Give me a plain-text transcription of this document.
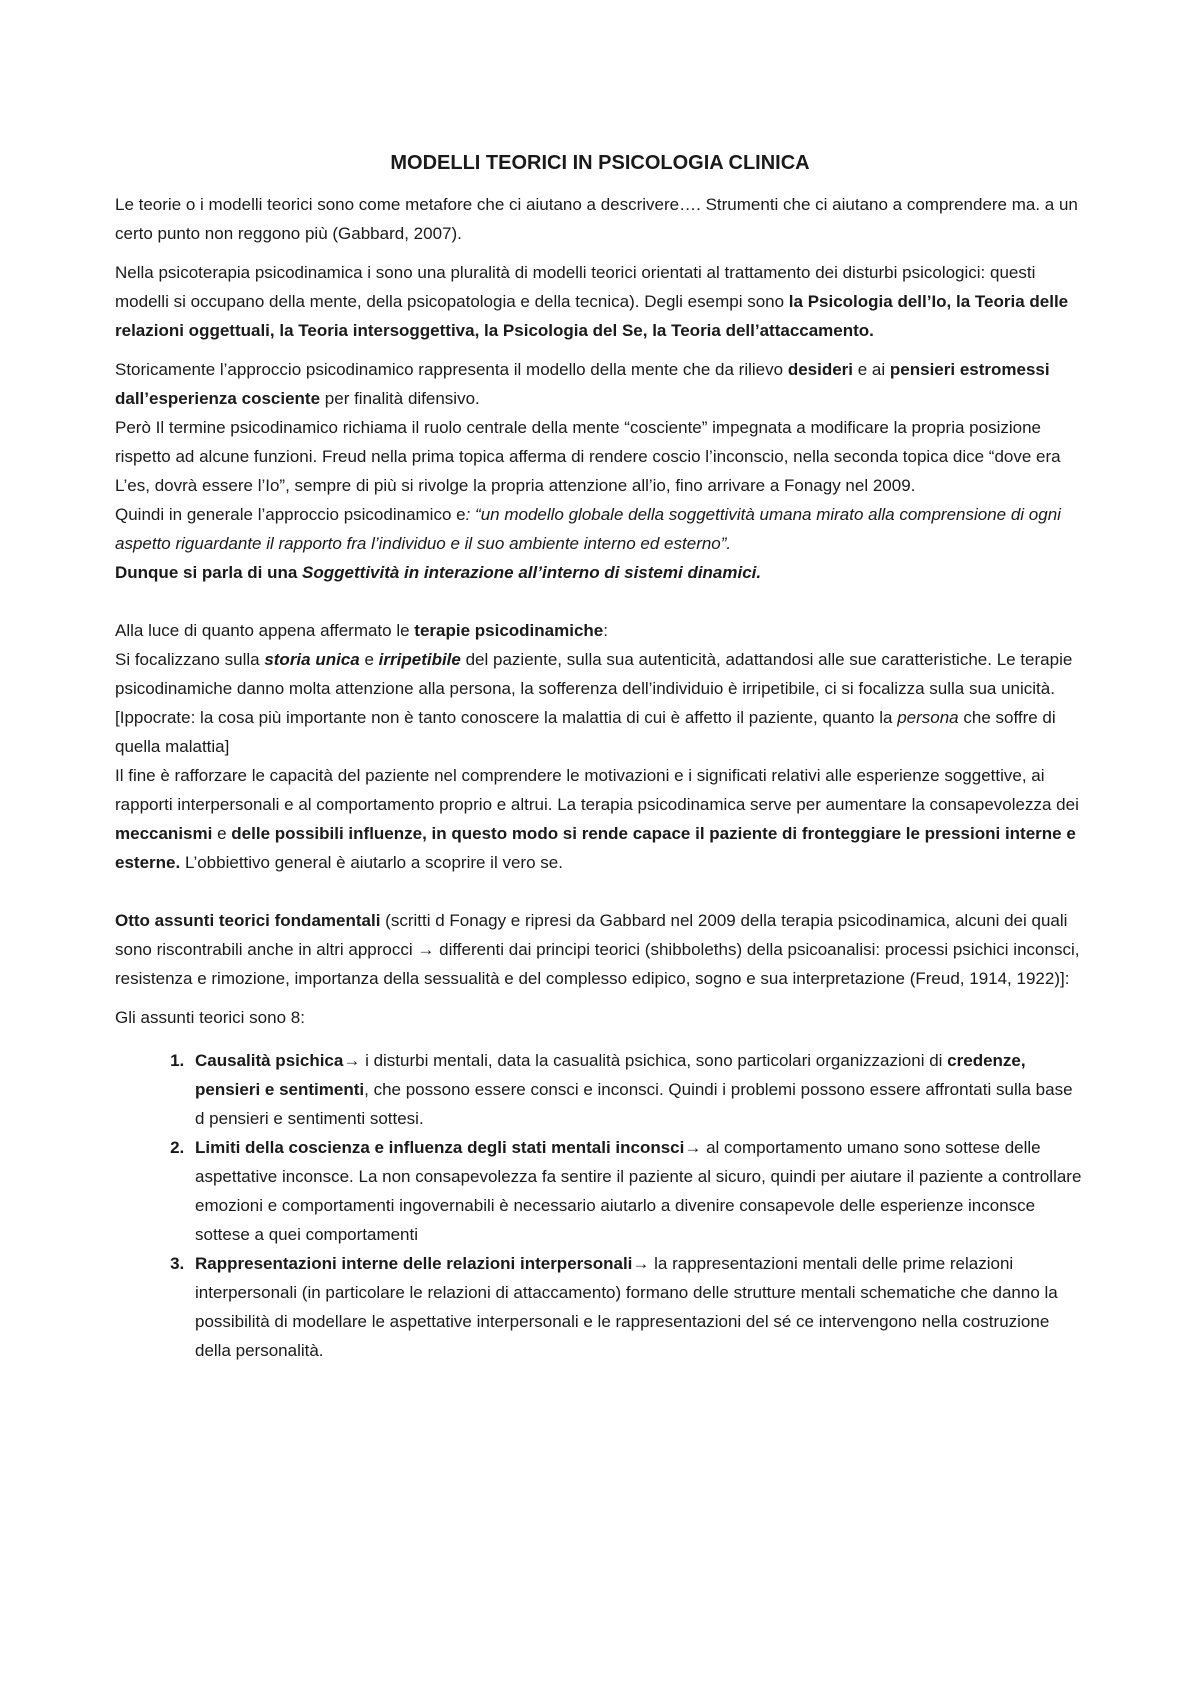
MODELLI TEORICI IN PSICOLOGIA CLINICA

Le teorie o i modelli teorici sono come metafore che ci aiutano a descrivere…. Strumenti che ci aiutano a comprendere ma. a un certo punto non reggono più (Gabbard, 2007).

Nella psicoterapia psicodinamica i sono una pluralità di modelli teorici orientati al trattamento dei disturbi psicologici: questi modelli si occupano della mente, della psicopatologia e della tecnica). Degli esempi sono la Psicologia dell’Io, la Teoria delle relazioni oggettuali, la Teoria intersoggettiva, la Psicologia del Se, la Teoria dell’attaccamento.

Storicamente l’approccio psicodinamico rappresenta il modello della mente che da rilievo desideri e ai pensieri estromessi dall’esperienza cosciente per finalità difensivo.

Però Il termine psicodinamico richiama il ruolo centrale della mente “cosciente” impegnata a modificare la propria posizione rispetto ad alcune funzioni. Freud nella prima topica afferma di rendere coscio l’inconscio, nella seconda topica dice “dove era L’es, dovrà essere l’Io”, sempre di più si rivolge la propria attenzione all’io, fino arrivare a Fonagy nel 2009.

Quindi in generale l’approccio psicodinamico e: “un modello globale della soggettività umana mirato alla comprensione di ogni aspetto riguardante il rapporto fra l’individuo e il suo ambiente interno ed esterno”.

Dunque si parla di una Soggettività in interazione all’interno di sistemi dinamici.

Alla luce di quanto appena affermato le terapie psicodinamiche:

Si focalizzano sulla storia unica e irripetibile del paziente, sulla sua autenticità, adattandosi alle sue caratteristiche. Le terapie psicodinamiche danno molta attenzione alla persona, la sofferenza dell’individuio è irripetibile, ci si focalizza sulla sua unicità.

[Ippocrate: la cosa più importante non è tanto conoscere la malattia di cui è affetto il paziente, quanto la persona che soffre di quella malattia]

Il fine è rafforzare le capacità del paziente nel comprendere le motivazioni e i significati relativi alle esperienze soggettive, ai rapporti interpersonali e al comportamento proprio e altrui. La terapia psicodinamica serve per aumentare la consapevolezza dei meccanismi e delle possibili influenze, in questo modo si rende capace il paziente di fronteggiare le pressioni interne e esterne. L’obbiettivo general è aiutarlo a scoprire il vero se.

Otto assunti teorici fondamentali (scritti d Fonagy e ripresi da Gabbard nel 2009 della terapia psicodinamica, alcuni dei quali sono riscontrabili anche in altri approcci → differenti dai principi teorici (shibboleths) della psicoanalisi: processi psichici inconsci, resistenza e rimozione, importanza della sessualità e del complesso edipico, sogno e sua interpretazione (Freud, 1914, 1922)]:

Gli assunti teorici sono 8:

1. Causalità psichica→ i disturbi mentali, data la casualità psichica, sono particolari organizzazioni di credenze, pensieri e sentimenti, che possono essere consci e inconsci. Quindi i problemi possono essere affrontati sulla base d pensieri e sentimenti sottesi.
2. Limiti della coscienza e influenza degli stati mentali inconsci→ al comportamento umano sono sottese delle aspettative inconsce. La non consapevolezza fa sentire il paziente al sicuro, quindi per aiutare il paziente a controllare emozioni e comportamenti ingovernabili è necessario aiutarlo a divenire consapevole delle esperienze inconsce sottese a quei comportamenti
3. Rappresentazioni interne delle relazioni interpersonali→ la rappresentazioni mentali delle prime relazioni interpersonali (in particolare le relazioni di attaccamento) formano delle strutture mentali schematiche che danno la possibilità di modellare le aspettative interpersonali e le rappresentazioni del sé ce intervengono nella costruzione della personalità.
